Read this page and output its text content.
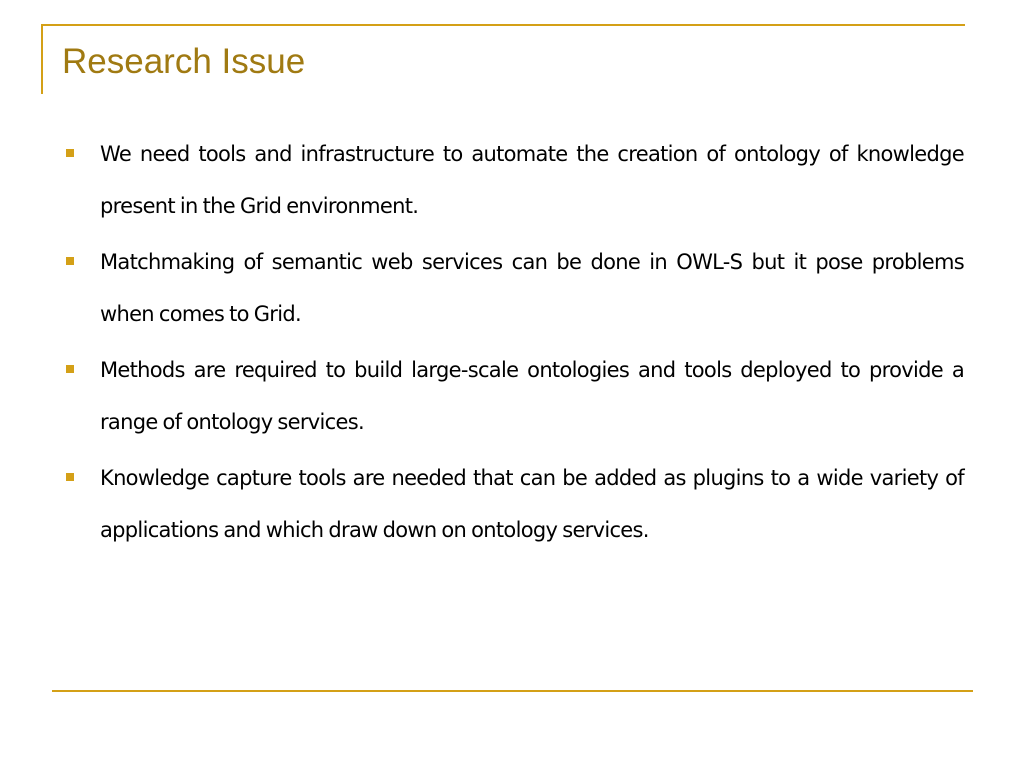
Research Issue
We need tools and infrastructure to automate the creation of ontology of knowledge present in the Grid environment.
Matchmaking of semantic web services can be done in OWL-S but it pose problems when comes to Grid.
Methods are required to build large-scale ontologies and tools deployed to provide a range of ontology services.
Knowledge capture tools are needed that can be added as plugins to a wide variety of applications and which draw down on ontology services.
